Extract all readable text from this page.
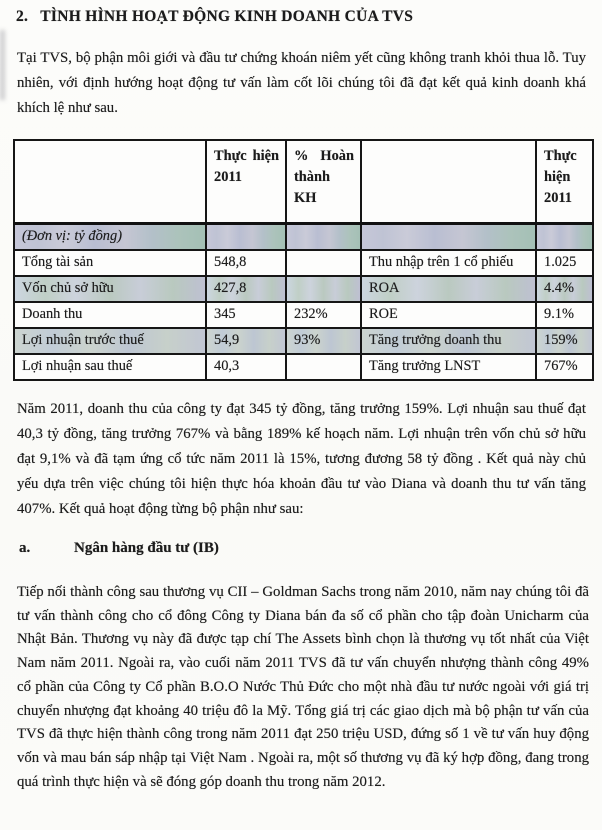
2. TÌNH HÌNH HOẠT ĐỘNG KINH DOANH CỦA TVS
Tại TVS, bộ phận môi giới và đầu tư chứng khoán niêm yết cũng không tranh khỏi thua lỗ. Tuy nhiên, với định hướng hoạt động tư vấn làm cốt lõi chúng tôi đã đạt kết quả kinh doanh khá khích lệ như sau.
	Thực hiện 2011	% Hoàn thành KH		Thực hiện 2011
(Đơn vị: tỷ đồng)				
Tổng tài sản	548,8		Thu nhập trên 1 cổ phiếu	1.025
Vốn chủ sở hữu	427,8		ROA	4.4%
Doanh thu	345	232%	ROE	9.1%
Lợi nhuận trước thuế	54,9	93%	Tăng trưởng doanh thu	159%
Lợi nhuận sau thuế	40,3		Tăng trưởng LNST	767%
Năm 2011, doanh thu của công ty đạt 345 tỷ đồng, tăng trưởng 159%. Lợi nhuận sau thuế đạt 40,3 tỷ đồng, tăng trưởng 767% và bằng 189% kế hoạch năm. Lợi nhuận trên vốn chủ sở hữu đạt 9,1% và đã tạm ứng cổ tức năm 2011 là 15%, tương đương 58 tỷ đồng . Kết quả này chủ yếu dựa trên việc chúng tôi hiện thực hóa khoản đầu tư vào Diana và doanh thu tư vấn tăng 407%. Kết quả hoạt động từng bộ phận như sau:
a.	Ngân hàng đầu tư (IB)
Tiếp nối thành công sau thương vụ CII – Goldman Sachs trong năm 2010, năm nay chúng tôi đã tư vấn thành công cho cổ đông Công ty Diana bán đa số cổ phần cho tập đoàn Unicharm của Nhật Bản. Thương vụ này đã được tạp chí The Assets bình chọn là thương vụ tốt nhất của Việt Nam năm 2011. Ngoài ra, vào cuối năm 2011 TVS đã tư vấn chuyển nhượng thành công 49% cổ phần của Công ty Cổ phần B.O.O Nước Thủ Đức cho một nhà đầu tư nước ngoài với giá trị chuyển nhượng đạt khoảng 40 triệu đô la Mỹ. Tổng giá trị các giao dịch mà bộ phận tư vấn của TVS đã thực hiện thành công trong năm 2011 đạt 250 triệu USD, đứng số 1 về tư vấn huy động vốn và mau bán sáp nhập tại Việt Nam . Ngoài ra, một số thương vụ đã ký hợp đồng, đang trong quá trình thực hiện và sẽ đóng góp doanh thu trong năm 2012.
